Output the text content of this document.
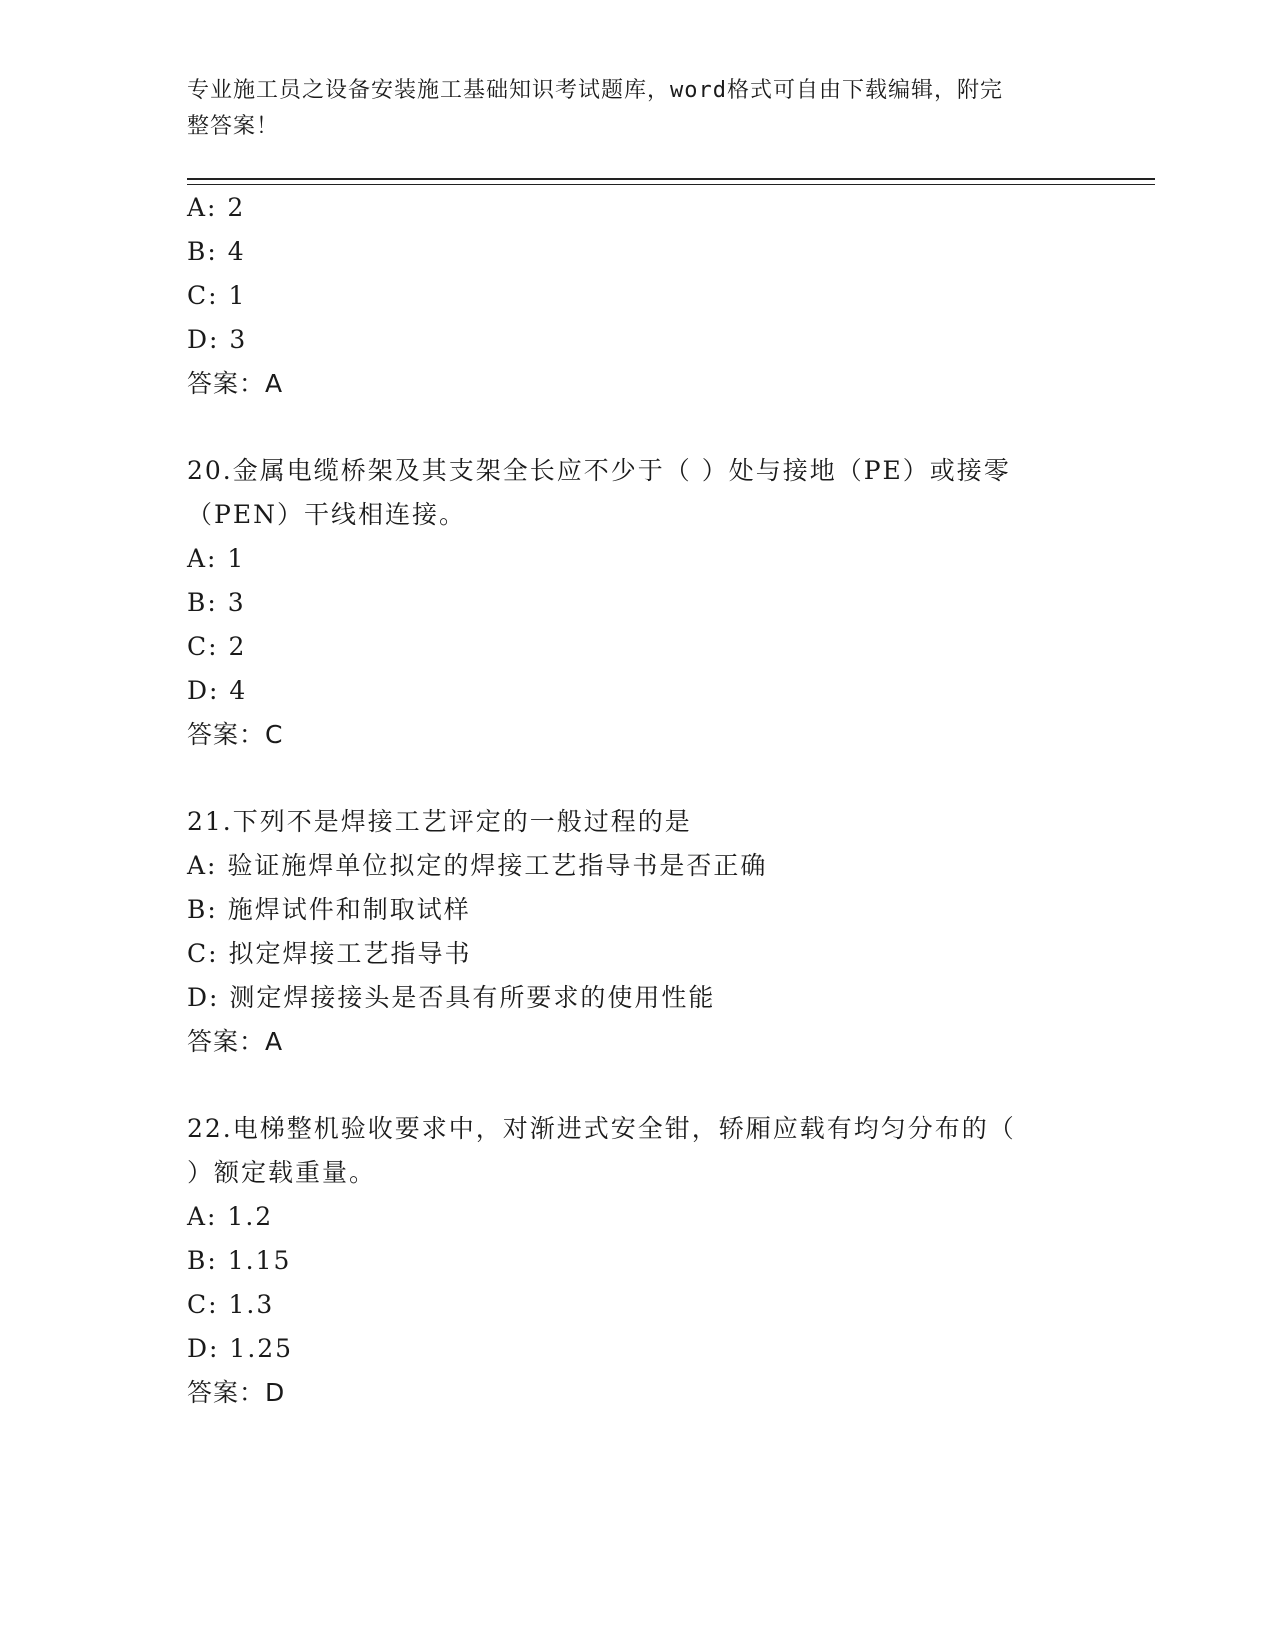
专业施工员之设备安装施工基础知识考试题库，word格式可自由下载编辑，附完
整答案！
A: 2
B: 4
C: 1
D: 3
答案：A
20.金属电缆桥架及其支架全长应不少于（ ）处与接地（PE）或接零
（PEN）干线相连接。
A: 1
B: 3
C: 2
D: 4
答案：C
21.下列不是焊接工艺评定的一般过程的是
A: 验证施焊单位拟定的焊接工艺指导书是否正确
B: 施焊试件和制取试样
C: 拟定焊接工艺指导书
D: 测定焊接接头是否具有所要求的使用性能
答案：A
22.电梯整机验收要求中，对渐进式安全钳，轿厢应载有均匀分布的（
）额定载重量。
A: 1.2
B: 1.15
C: 1.3
D: 1.25
答案：D
